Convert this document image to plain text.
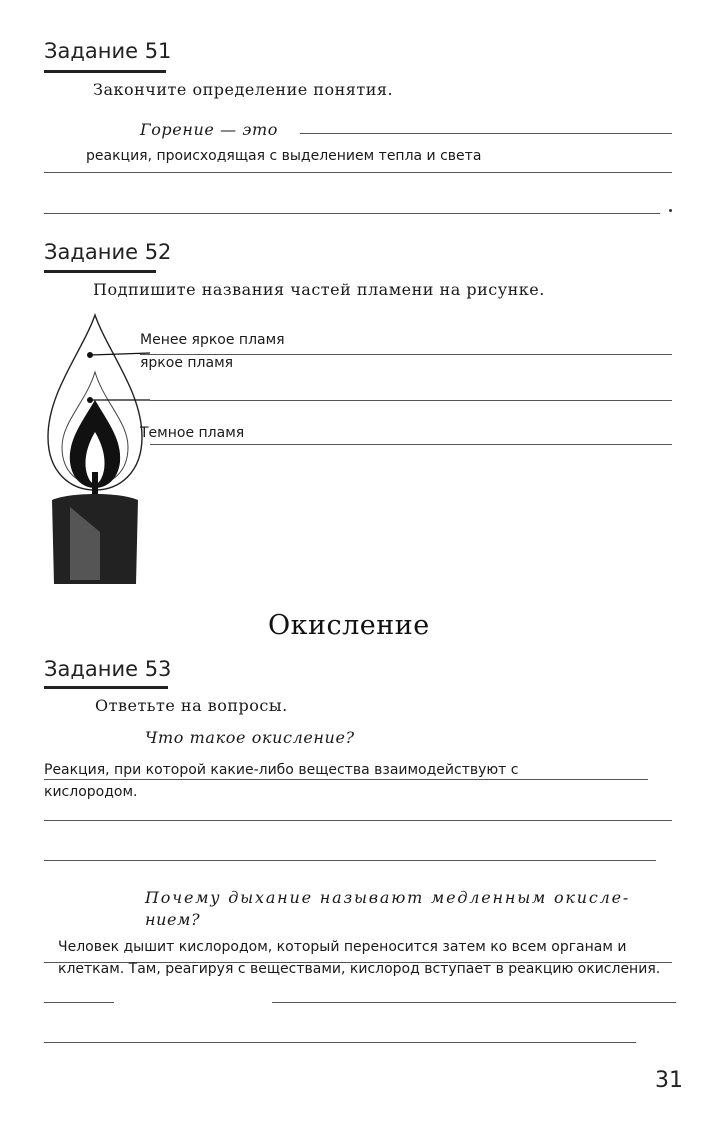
Задание 51
Закончите определение понятия.
Горение — это
реакция, происходящая с выделением тепла и света
Задание 52
Подпишите названия частей пламени на рисунке.
Менее яркое пламя
яркое пламя
Темное пламя
Окисление
Задание 53
Ответьте на вопросы.
Что такое окисление?
Реакция, при которой какие-либо вещества взаимодействуют с
кислородом.
Почему дыхание называют медленным окисле-
нием?
Человек дышит кислородом, который переносится затем ко всем органам и
клеткам. Там, реагируя с веществами, кислород вступает в реакцию окисления.
31
